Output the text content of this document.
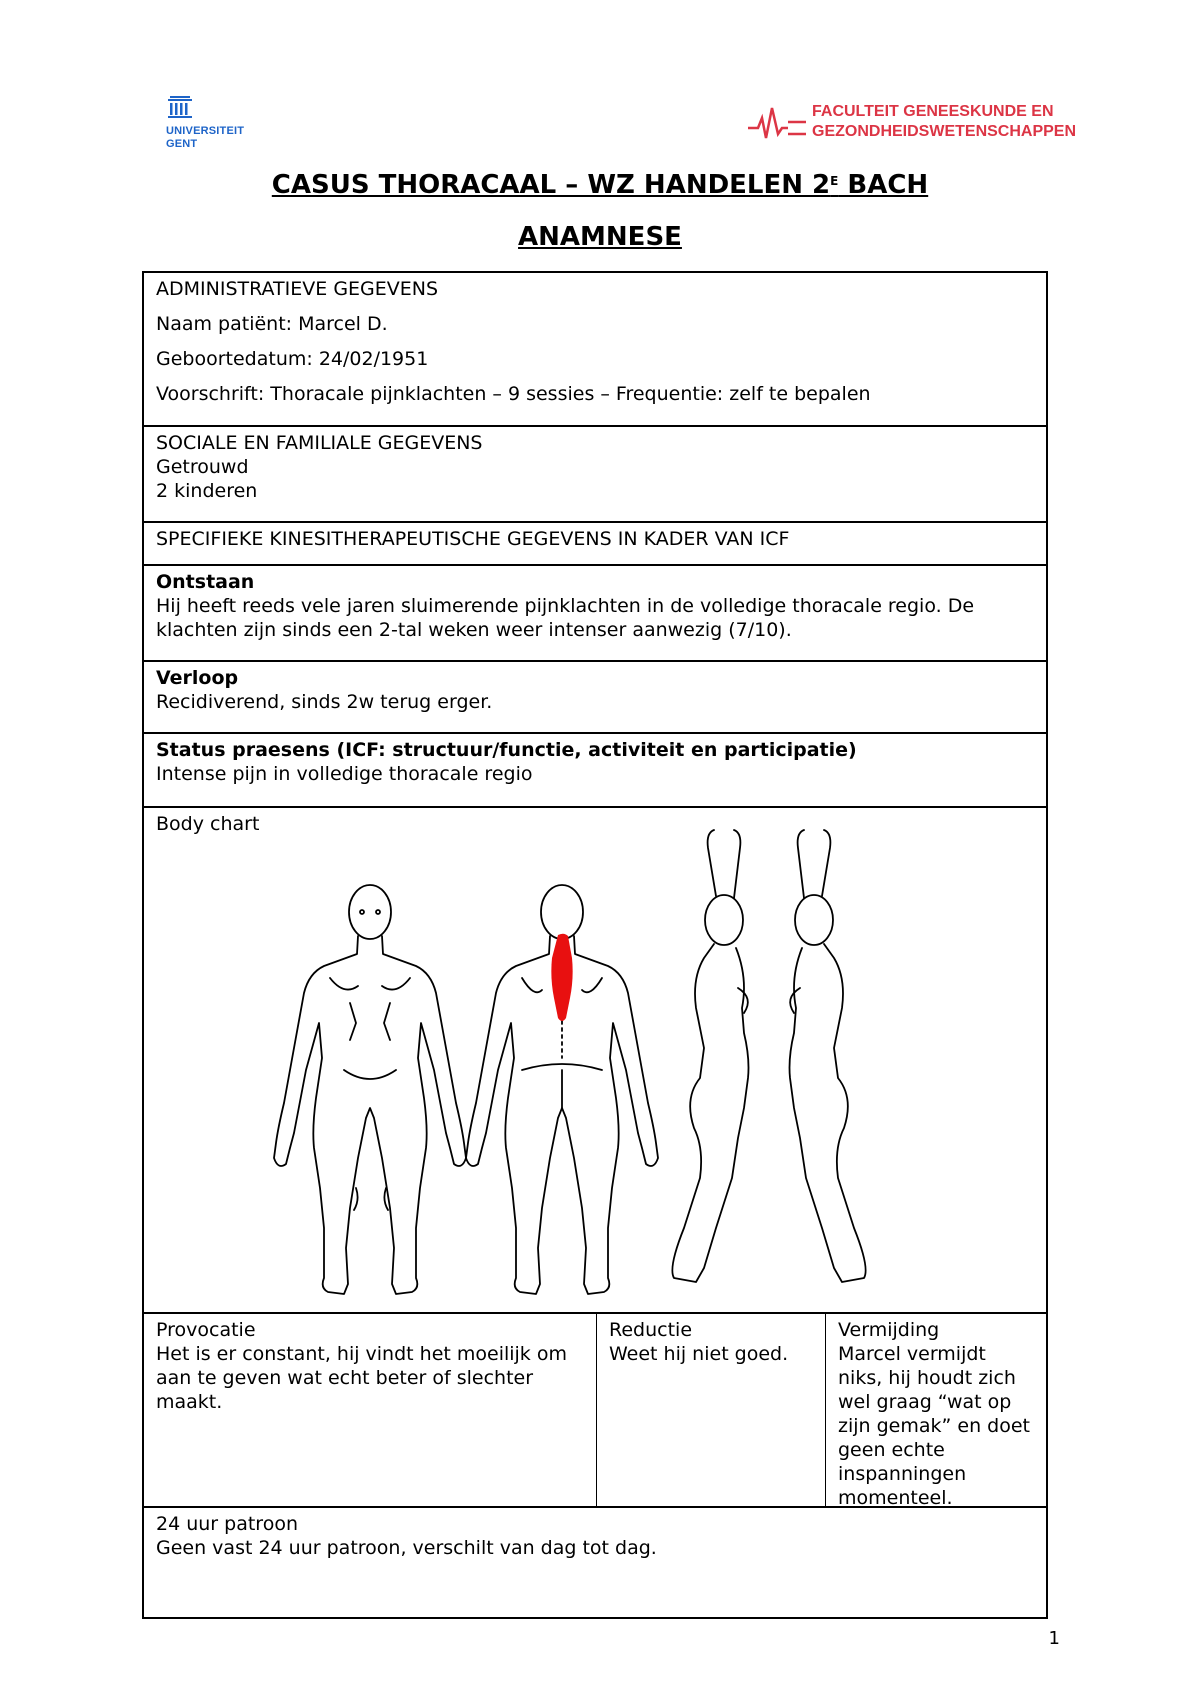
UNIVERSITEIT
GENT
FACULTEIT GENEESKUNDE EN
GEZONDHEIDSWETENSCHAPPEN
CASUS THORACAAL – WZ HANDELEN $2^E$ BACH
ANAMNESE
ADMINISTRATIEVE GEGEVENS
Naam patiënt: Marcel D.
Geboortedatum: 24/02/1951
Voorschrift: Thoracale pijnklachten – 9 sessies – Frequentie: zelf te bepalen
SOCIALE EN FAMILIALE GEGEVENS
Getrouwd
2 kinderen
SPECIFIEKE KINESITHERAPEUTISCHE GEGEVENS IN KADER VAN ICF
Ontstaan
Hij heeft reeds vele jaren sluimerende pijnklachten in de volledige thoracale regio. De klachten zijn sinds een 2-tal weken weer intenser aanwezig (7/10).
Verloop
Recidiverend, sinds 2w terug erger.
Status praesens (ICF: structuur/functie, activiteit en participatie)
Intense pijn in volledige thoracale regio
Body chart
Provocatie
Het is er constant, hij vindt het moeilijk om aan te geven wat echt beter of slechter maakt.
Reductie
Weet hij niet goed.
Vermijding
Marcel vermijdt niks, hij houdt zich wel graag “wat op zijn gemak” en doet geen echte inspanningen momenteel.
24 uur patroon
Geen vast 24 uur patroon, verschilt van dag tot dag.
1
